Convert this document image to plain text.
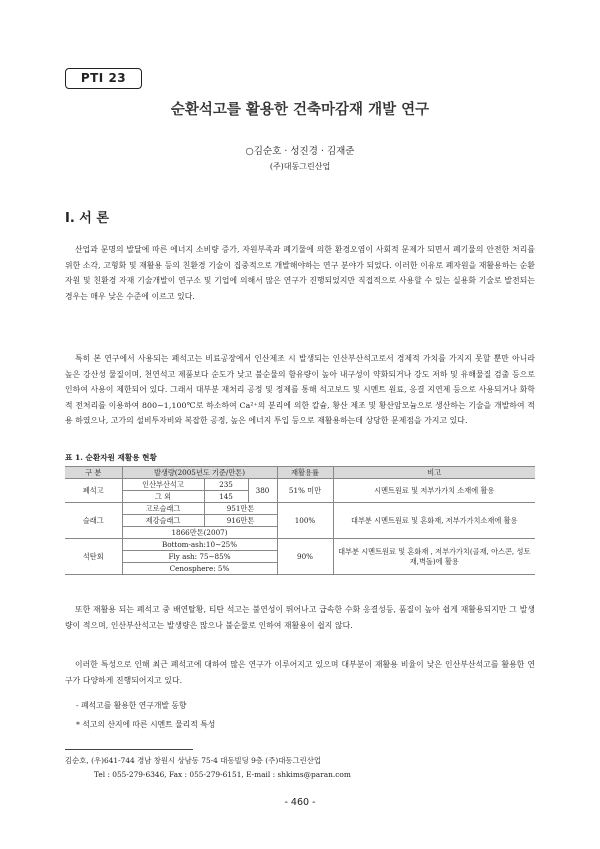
PTI 23
순환석고를 활용한 건축마감재 개발 연구
○김순호 · 성진경 · 김재준
(주)대동그린산업
I. 서 론

산업과 문명의 발달에 따른 에너지 소비량 증가, 자원부족과 폐기물에 의한 환경오염이 사회적 문제가 되면서 폐기물의 안전한 처리를 위한 소각, 고형화 및 재활용 등의 친환경 기술이 집중적으로 개발해야하는 연구 분야가 되었다. 이러한 이유로 폐자원을 재활용하는 순환자원 및 친환경 자재 기술개발이 연구소 및 기업에 의해서 많은 연구가 진행되었지만 직접적으로 사용할 수 있는 실용화 기술로 발전되는 경우는 매우 낮은 수준에 이르고 있다.

특히 본 연구에서 사용되는 폐석고는 비료공장에서 인산제조 시 발생되는 인산부산석고로서 경제적 가치를 가지지 못할 뿐만 아니라 높은 강산성 물질이며, 천연석고 제품보다 순도가 낮고 불순물의 함유량이 높아 내구성이 약화되거나 강도 저하 및 유해물질 검출 등으로 인하여 사용이 제한되어 있다. 그래서 대부분 재처리 공정 및 정제를 통해 석고보드 및 시멘트 원료, 응결 지연제 등으로 사용되거나 화학적 전처리를 이용하여 800∼1,100℃로 하소하여 Ca²⁺의 분리에 의한 칼슘, 황산 제조 및 황산암모늄으로 생산하는 기술을 개발하여 적용 하였으나, 고가의 설비투자비와 복잡한 공정, 높은 에너지 투입 등으로 재활용하는데 상당한 문제점을 가지고 있다.

표 1. 순환자원 재활용 현황
구 분	발생량(2005년도 기준/만톤)			재활용률	비고
폐석고	인산부산석고	235	380	51% 미만	시멘트원료 및 저부가가치 소재에 활용
	그 외	145			
슬래그	고로슬래그	951만톤		100%	대부분 시멘트원료 및 혼화재, 저부가가치소재에 활용
	제강슬래그	916만톤			
	1866만톤(2007)				
석탄회	Bottom-ash:10∼25%			90%	대부분 시멘트원료 및 혼화재 , 저부가가치(골재, 아스콘, 성토재,벽돌)에 활용
	Fly ash: 75∼85%				
	Cenosphere: 5%				

또한 재활용 되는 폐석고 중 배연탈황, 티탄 석고는 불연성이 뛰어나고 급속한 수화 응결성등, 품질이 높아 쉽게 재활용되지만 그 발생량이 적으며, 인산부산석고는 발생량은 많으나 불순물로 인하여 재활용이 쉽지 않다.

이러한 특성으로 인해 최근 폐석고에 대하여 많은 연구가 이루어지고 있으며 대부분이 재활용 비율이 낮은 인산부산석고를 활용한 연구가 다양하게 진행되어지고 있다.

- 폐석고를 활용한 연구개발 동향
* 석고의 산지에 따른 시멘트 물리적 특성
김순호, (우)641-744 경남 창원시 상남동 75-4 대동빌딩 9층 (주)대동그린산업
Tel : 055-279-6346, Fax : 055-279-6151, E-mail : shkims@paran.com
- 460 -
